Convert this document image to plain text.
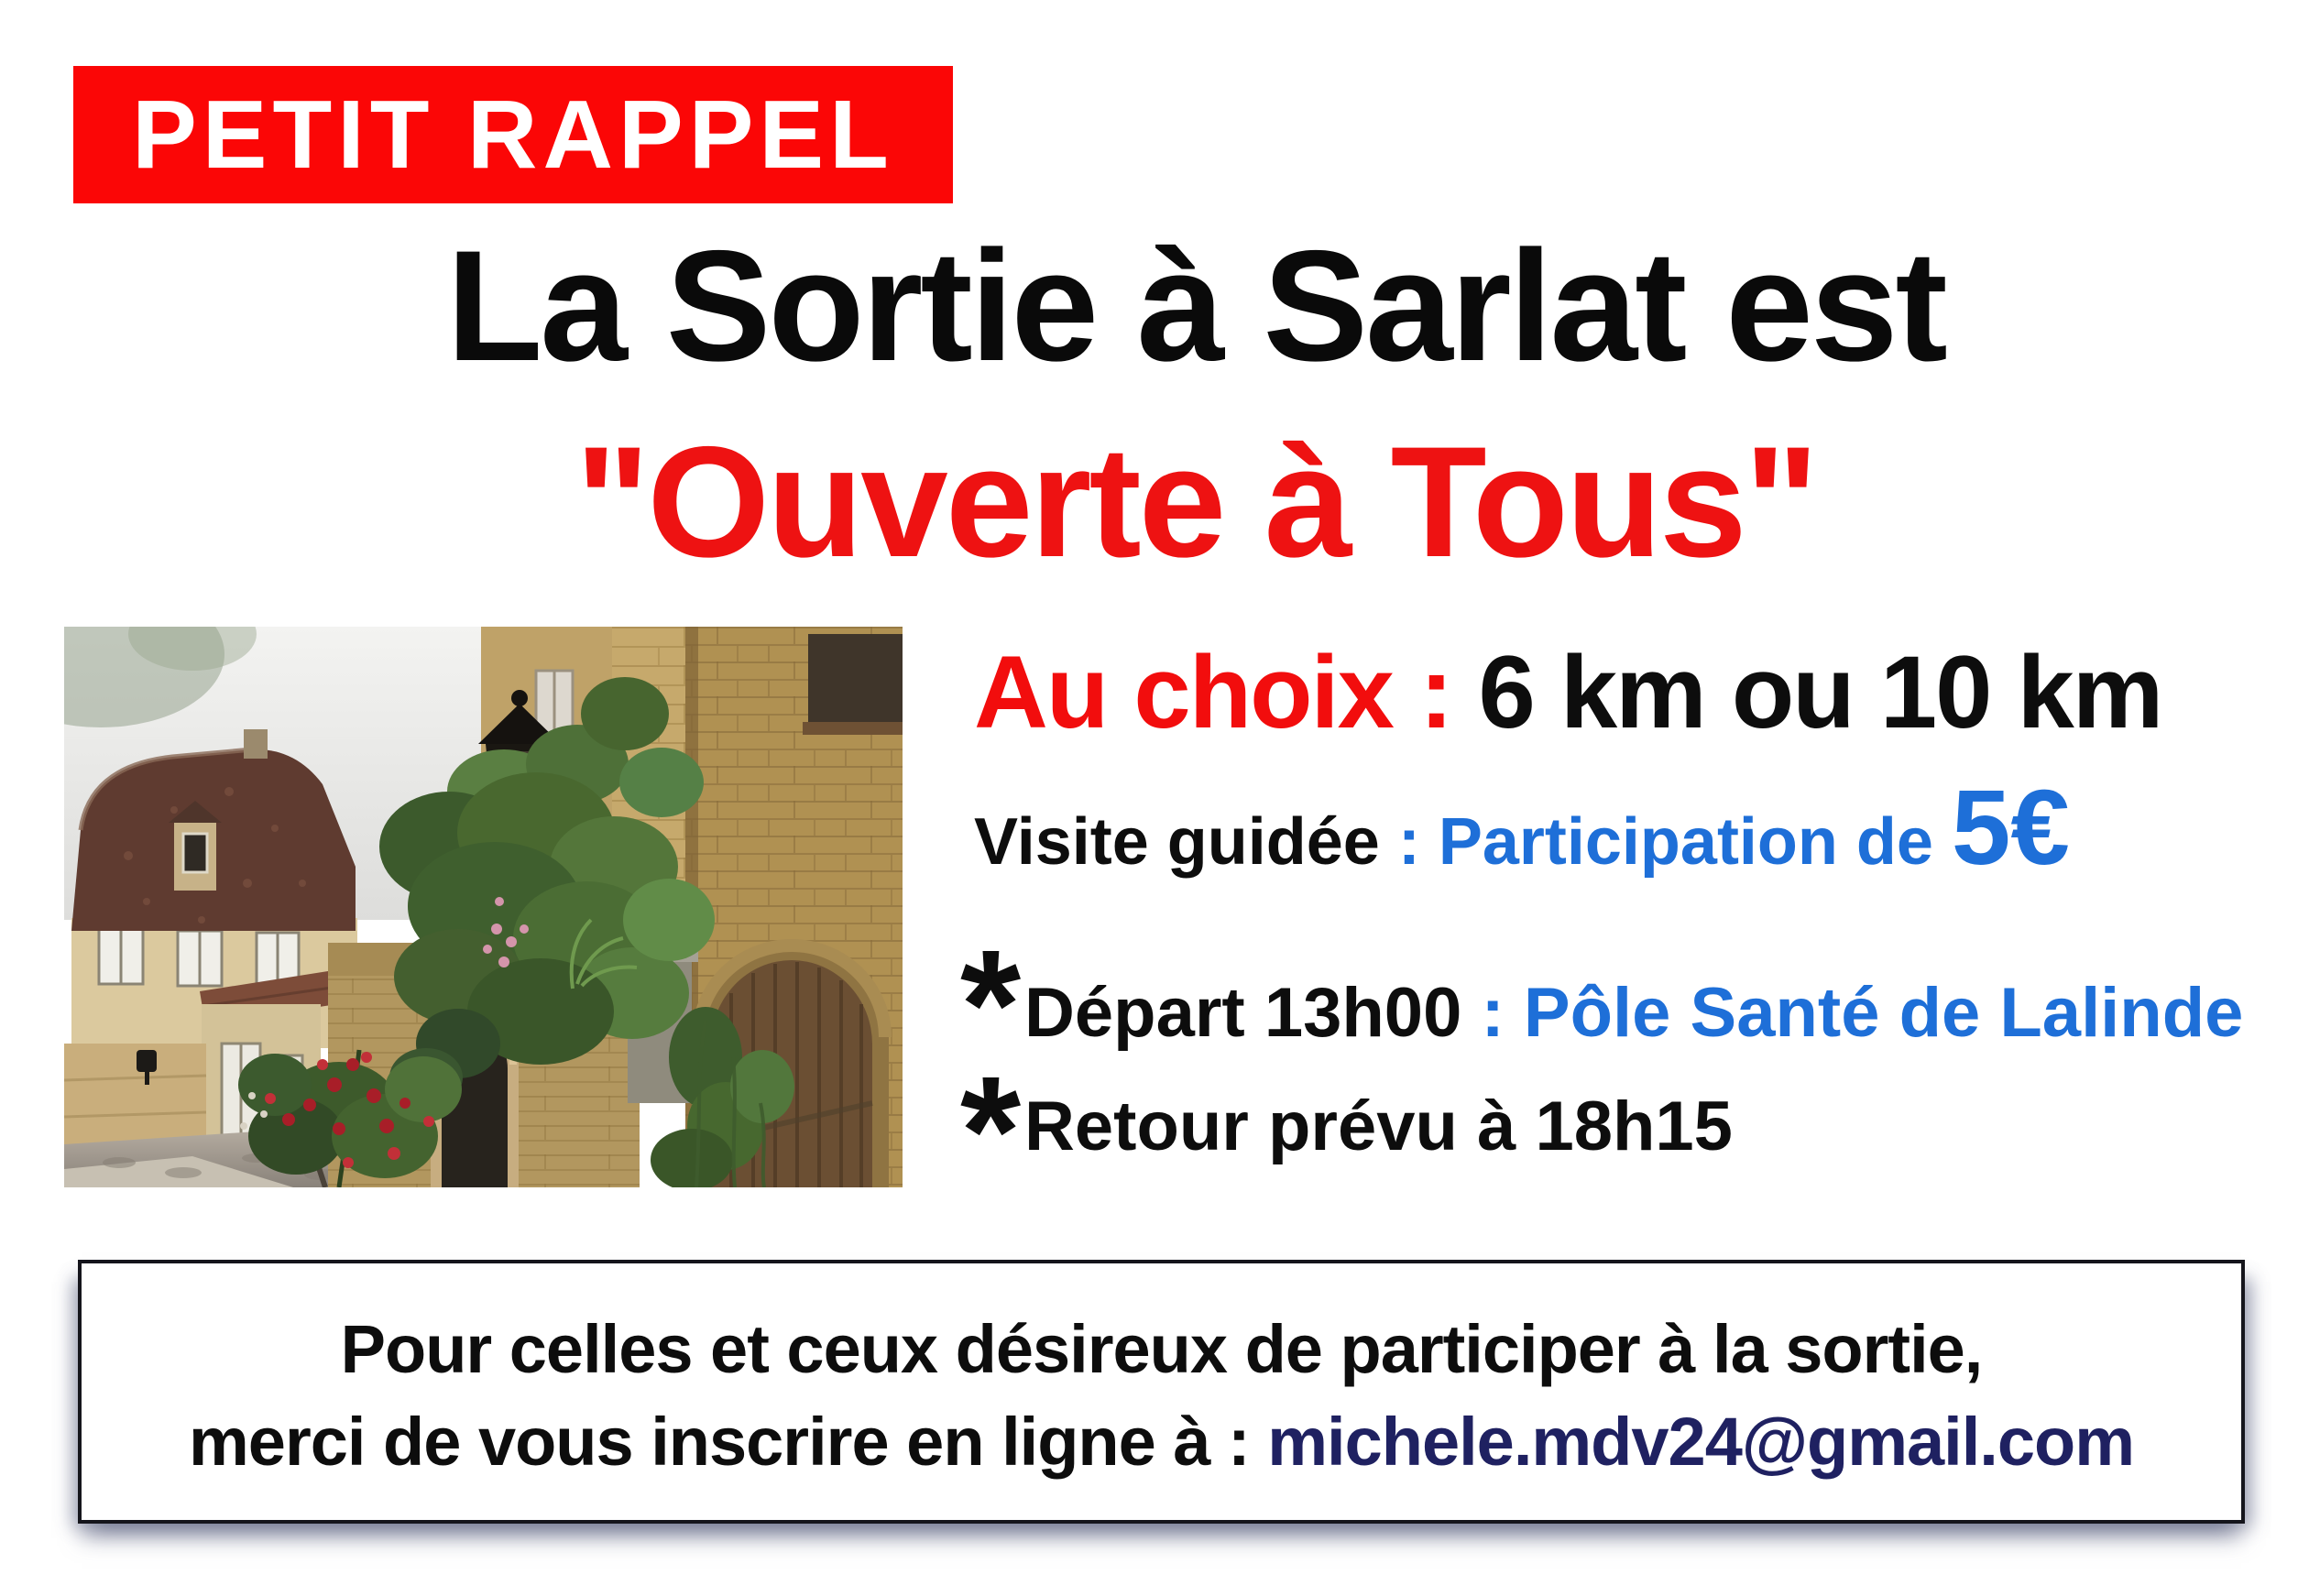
PETIT RAPPEL
La Sortie à Sarlat est
"Ouverte à Tous"
Au choix : 6 km ou 10 km
Visite guidée : Participation de 5€
* Départ 13h00 : Pôle Santé de Lalinde
* Retour prévu à 18h15
Pour celles et ceux désireux de participer à la sortie,
merci de vous inscrire en ligne à : michele.mdv24@gmail.com
